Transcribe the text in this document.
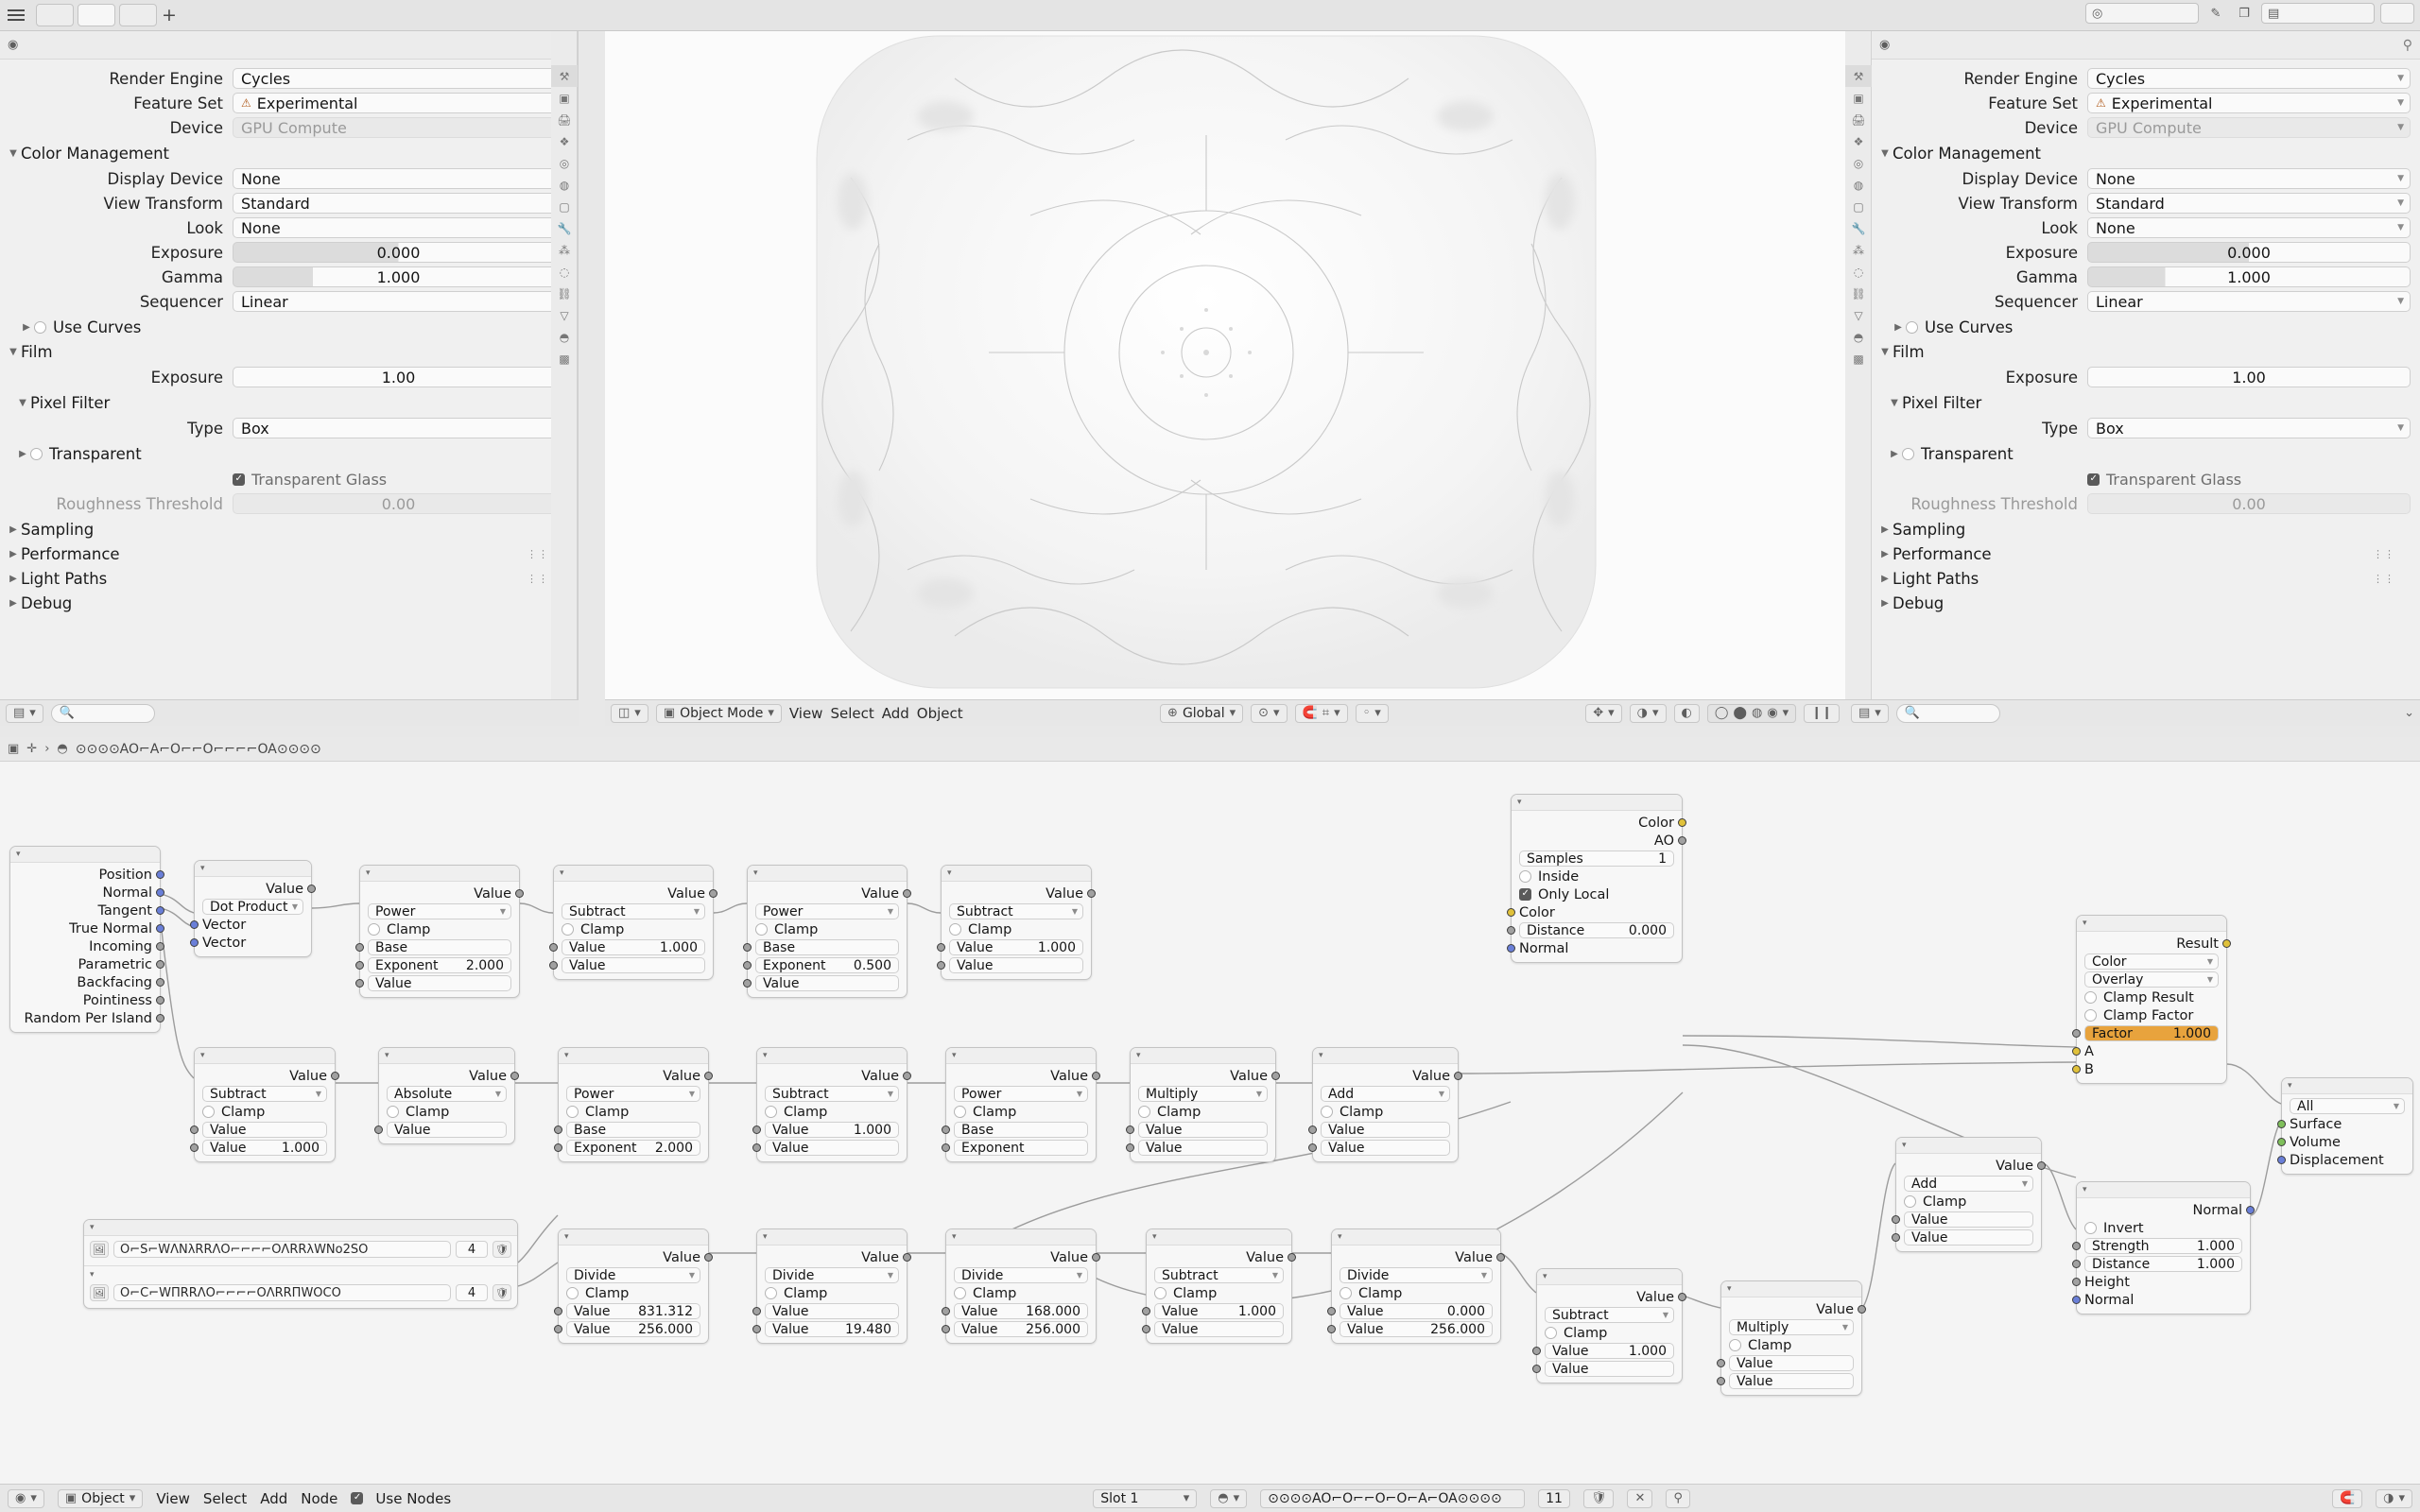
+	◎	✎	❐	▤
◉
Render Engine	Cycles
Feature Set	⚠ Experimental
Device	GPU Compute
▼
Color Management
Display Device	None
View Transform	Standard
Look	None
Exposure	0.000
Gamma	1.000
Sequencer	Linear
▶
Use Curves
▼
Film
Exposure	1.00
▼
Pixel Filter
Type	Box
▶
Transparent
✓
Transparent Glass
Roughness Threshold	0.00
▶
Sampling
▶
Performance	⋮⋮
▶
Light Paths	⋮⋮
▶
Debug
⚒
▣
🖨
❖
◎
◍
▢
🔧
⁂
◌
⛓
▽
◓
▩
▤ ▾ 🔍	◫ ▾ ▣ Object Mode ▾ View Select Add Object	⊕ Global ▾ ⊙ ▾ 🧲 ⌗ ▾ ◦ ▾	✥ ▾ ◑ ▾ ◐ ◯ ⬤ ◍ ◉ ▾ ❙❙
⚒
▣
🖨
❖
◎
◍
▢
🔧
⁂
◌
⛓
▽
◓
▩
◉	⚲
Render Engine	Cycles	▼
Feature Set	⚠ Experimental	▼
Device	GPU Compute	▼
▼
Color Management
Display Device	None	▼
View Transform	Standard	▼
Look	None	▼
Exposure	0.000
Gamma	1.000
Sequencer	Linear	▼
▶
Use Curves
▼
Film
Exposure	1.00
▼
Pixel Filter
Type	Box	▼
▶
Transparent
✓
Transparent Glass
Roughness Threshold	0.00
▶
Sampling
▶
Performance	⋮⋮
▶
Light Paths	⋮⋮
▶
Debug
▤ ▾ 🔍	⌄
▣ ✛ › ◓ ⊙⊙⊙⊙AO⌐A⌐O⌐⌐O⌐⌐⌐⌐OA⊙⊙⊙⊙
▾
Position
Normal
Tangent
True Normal
Incoming
Parametric
Backfacing
Pointiness
Random Per Island
▾
Value
Dot Product ▼
Vector
Vector
▾
Value
Power	▼
Clamp
Base
Exponent 2.000
Value
▾
Value
Subtract	▼
Clamp
Value	1.000
Value
▾
Value
Power	▼
Clamp
Base
Exponent 0.500
Value
▾
Value
Subtract	▼
Clamp
Value	1.000
Value
▾
Color
AO
Samples	1
Inside
✓
Only Local
Color
Distance	0.000
Normal
▾
Value
Subtract	▼
Clamp
Value
Value	1.000
▾
Value
Absolute	▼
Clamp
Value
▾
Value
Power	▼
Clamp
Base
Exponent 2.000
▾
Value
Subtract	▼
Clamp
Value	1.000
Value
▾
Value
Power	▼
Clamp
Base
Exponent
▾
Value
Multiply	▼
Clamp
Value
Value
▾
Value
Add	▼
Clamp
Value
Value
▾
Result
Color	▼
Overlay	▼
Clamp Result
Clamp Factor
Factor	1.000
A
B
▾
All	▼
Surface
Volume
Displacement
▾
Normal
Invert
Strength	1.000
Distance	1.000
Height
Normal
▾
Value
Add	▼
Clamp
Value
Value
▾
🖼 O⌐S⌐WΛNλRRΛO⌐⌐⌐⌐OΛRRλWNo2SO	4 🛡
▾
🖼 O⌐C⌐WΠRRΛO⌐⌐⌐⌐OΛRRΠWOCO	4 🛡
▾
Value
Divide	▼
Clamp
Value 831.312
Value 256.000
▾
Value
Divide	▼
Clamp
Value
Value	19.480
▾
Value
Divide	▼
Clamp
Value 168.000
Value 256.000
▾
Value
Subtract	▼
Clamp
Value	1.000
Value
▾
Value
Divide	▼
Clamp
Value	0.000
Value	256.000
▾
Value
Subtract	▼
Clamp
Value	1.000
Value
▾
Value
Multiply	▼
Clamp
Value
Value
◉ ▾ ▣ Object ▾ View Select Add Node ✓	Use Nodes	Slot 1	▾ ◓ ▾ ⊙⊙⊙⊙AO⌐O⌐⌐O⌐O⌐A⌐OA⊙⊙⊙⊙	11 🛡 ✕ ⚲	🧲 ◑ ▾
